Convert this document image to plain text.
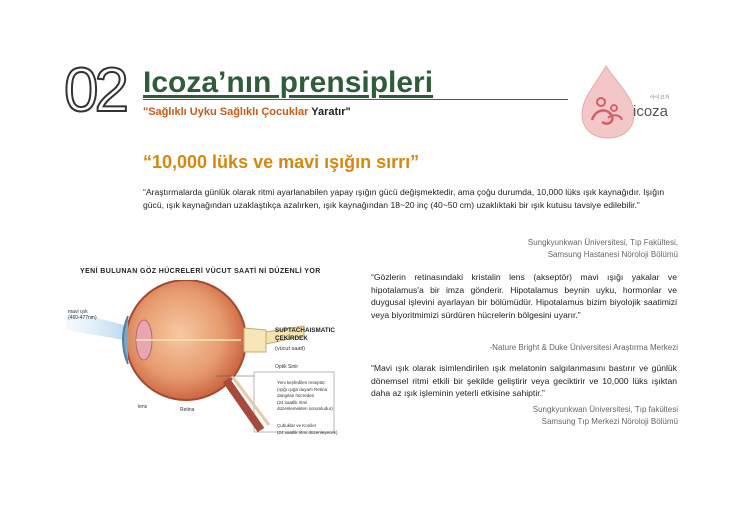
02 Icoza’nın prensipleri
"Sağlıklı Uyku Sağlıklı Çocuklar Yaratır"
아이코자
icoza
“10,000 lüks ve mavi ışığın sırrı”
“Araştırmalarda günlük olarak ritmi ayarlanabilen yapay ışığın gücü değişmektedir, ama çoğu durumda, 10,000 lüks ışık kaynağıdır. Işığın gücü, ışık kaynağından uzaklaştıkça azalırken, ışık kaynağından 18~20 inç (40~50 cm) uzaklıktaki bir ışık kutusu tavsiye edilebilir.”
Sungkyunkwan Üniversitesi, Tıp Fakültesi,
Samsung Hastanesi Nöroloji Bölümü
YENİ BULUNAN GÖZ HÜCRELERİ VÜCUT SAATİ Nİ DÜZENLİ YOR
mavi ışık
(460-477nm)
lens	Retina
SUPTACHAISMATIC ÇEKİRDEK
(vücut saati)
Optik Sinir
Yeni keşfedilen reseptör:
(ışığı ışığa duyarlı Retina
dangılan hücreden
(24 saatlik ritmi
düzenlemekten sorumludur)
Çubuklar ve Koniler
(24 saatlik ritmi düzenleyecek)
“Gözlerin retinasındaki kristalin lens (akseptör) mavi ışığı yakalar ve hipotalamus'a bir imza gönderir. Hipotalamus beynin uyku, hormonlar ve duygusal işlevini ayarlayan bir bölümüdür. Hipotalamus bizim biyolojik saatimizi veya biyoritmimizi sürdüren hücrelerin bölgesini uyarır.”
-Nature Bright & Duke Üniversitesi Araştırma Merkezi
“Mavi ışık olarak isimlendirilen ışık melatonin salgılanmasını bastırır ve günlük dönemsel ritmi etkili bir şekilde geliştirir veya geciktirir ve 10,000 lüks ışıktan daha az ışık işleminin yeterli etkisine sahiptir.”
Sungkyunkwan Üniversitesi, Tıp fakültesi
Samsung Tıp Merkezi Nöroloji Bölümü
